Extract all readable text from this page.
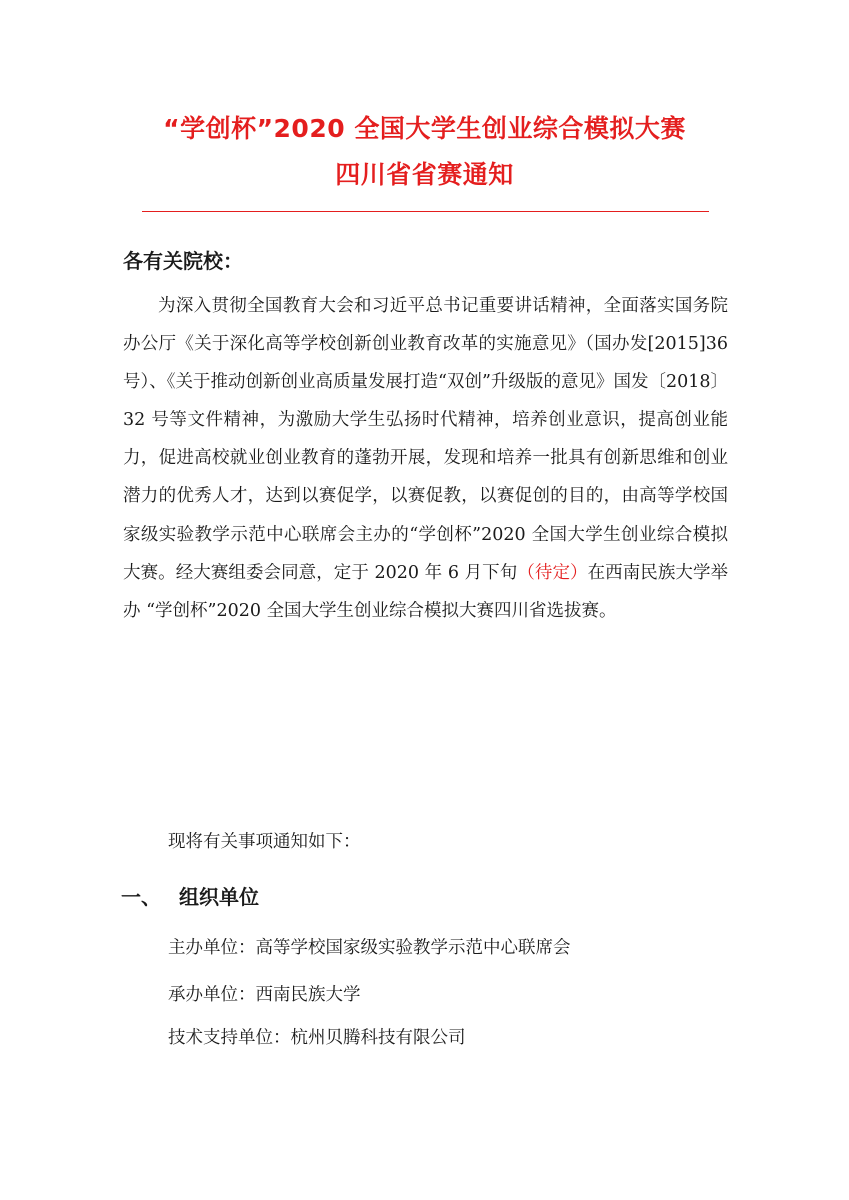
“学创杯”2020 全国大学生创业综合模拟大赛
四川省省赛通知
各有关院校：

为深入贯彻全国教育大会和习近平总书记重要讲话精神，全面落实国务院办公厅《关于深化高等学校创新创业教育改革的实施意见》（国办发[2015]36 号）、《关于推动创新创业高质量发展打造“双创”升级版的意见》国发〔2018〕32 号等文件精神，为激励大学生弘扬时代精神，培养创业意识，提高创业能力，促进高校就业创业教育的蓬勃开展，发现和培养一批具有创新思维和创业潜力的优秀人才，达到以赛促学，以赛促教，以赛促创的目的，由高等学校国家级实验教学示范中心联席会主办的“学创杯”2020 全国大学生创业综合模拟大赛。经大赛组委会同意，定于 2020 年 6 月下旬（待定）在西南民族大学举办 “学创杯”2020 全国大学生创业综合模拟大赛四川省选拔赛。

现将有关事项通知如下：
一、 组织单位
主办单位：高等学校国家级实验教学示范中心联席会
承办单位：西南民族大学
技术支持单位：杭州贝腾科技有限公司
